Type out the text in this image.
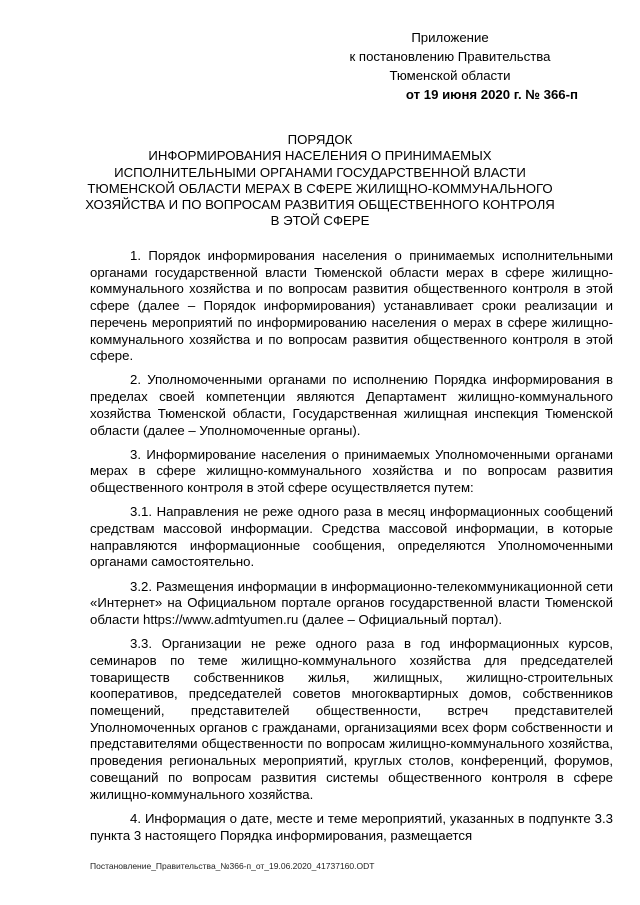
Приложение
к постановлению Правительства
Тюменской области
от 19 июня 2020 г. № 366-п
ПОРЯДОК
ИНФОРМИРОВАНИЯ НАСЕЛЕНИЯ О ПРИНИМАЕМЫХ
ИСПОЛНИТЕЛЬНЫМИ ОРГАНАМИ ГОСУДАРСТВЕННОЙ ВЛАСТИ
ТЮМЕНСКОЙ ОБЛАСТИ МЕРАХ В СФЕРЕ ЖИЛИЩНО-КОММУНАЛЬНОГО
ХОЗЯЙСТВА И ПО ВОПРОСАМ РАЗВИТИЯ ОБЩЕСТВЕННОГО КОНТРОЛЯ
В ЭТОЙ СФЕРЕ

1. Порядок информирования населения о принимаемых исполнительными органами государственной власти Тюменской области мерах в сфере жилищно-коммунального хозяйства и по вопросам развития общественного контроля в этой сфере (далее – Порядок информирования) устанавливает сроки реализации и перечень мероприятий по информированию населения о мерах в сфере жилищно-коммунального хозяйства и по вопросам развития общественного контроля в этой сфере.

2. Уполномоченными органами по исполнению Порядка информирования в пределах своей компетенции являются Департамент жилищно-коммунального хозяйства Тюменской области, Государственная жилищная инспекция Тюменской области (далее – Уполномоченные органы).

3. Информирование населения о принимаемых Уполномоченными органами мерах в сфере жилищно-коммунального хозяйства и по вопросам развития общественного контроля в этой сфере осуществляется путем:

3.1. Направления не реже одного раза в месяц информационных сообщений средствам массовой информации. Средства массовой информации, в которые направляются информационные сообщения, определяются Уполномоченными органами самостоятельно.

3.2. Размещения информации в информационно-телекоммуникационной сети «Интернет» на Официальном портале органов государственной власти Тюменской области https://www.admtyumen.ru (далее – Официальный портал).

3.3. Организации не реже одного раза в год информационных курсов, семинаров по теме жилищно-коммунального хозяйства для председателей товариществ собственников жилья, жилищных, жилищно-строительных кооперативов, председателей советов многоквартирных домов, собственников помещений, представителей общественности, встреч представителей Уполномоченных органов с гражданами, организациями всех форм собственности и представителями общественности по вопросам жилищно-коммунального хозяйства, проведения региональных мероприятий, круглых столов, конференций, форумов, совещаний по вопросам развития системы общественного контроля в сфере жилищно-коммунального хозяйства.

4. Информация о дате, месте и теме мероприятий, указанных в подпункте 3.3 пункта 3 настоящего Порядка информирования, размещается

Постановление_Правительства_№366-п_от_19.06.2020_41737160.ODT
